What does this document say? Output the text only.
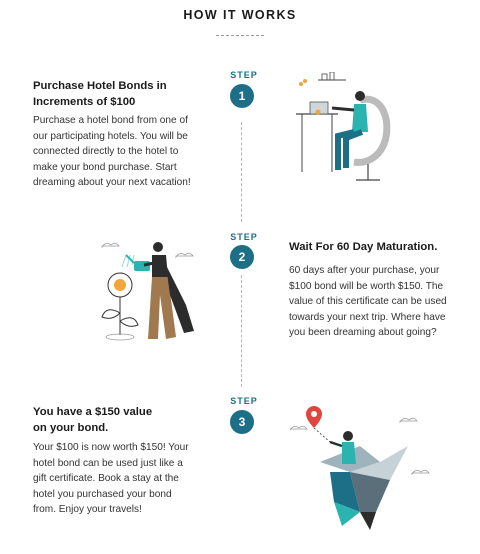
HOW IT WORKS
STEP
1
Purchase Hotel Bonds in
Increments of $100
Purchase a hotel bond from one of
our participating hotels. You will be
connected directly to the hotel to
make your bond purchase. Start
dreaming about your next vacation!
STEP
2
Wait For 60 Day Maturation.
60 days after your purchase, your
$100 bond will be worth $150. The
value of this certificate can be used
towards your next trip. Where have
you been dreaming about going?
STEP
3
You have a $150 value
on your bond.
Your $100 is now worth $150! Your
hotel bond can be used just like a
gift certificate. Book a stay at the
hotel you purchased your bond
from. Enjoy your travels!
